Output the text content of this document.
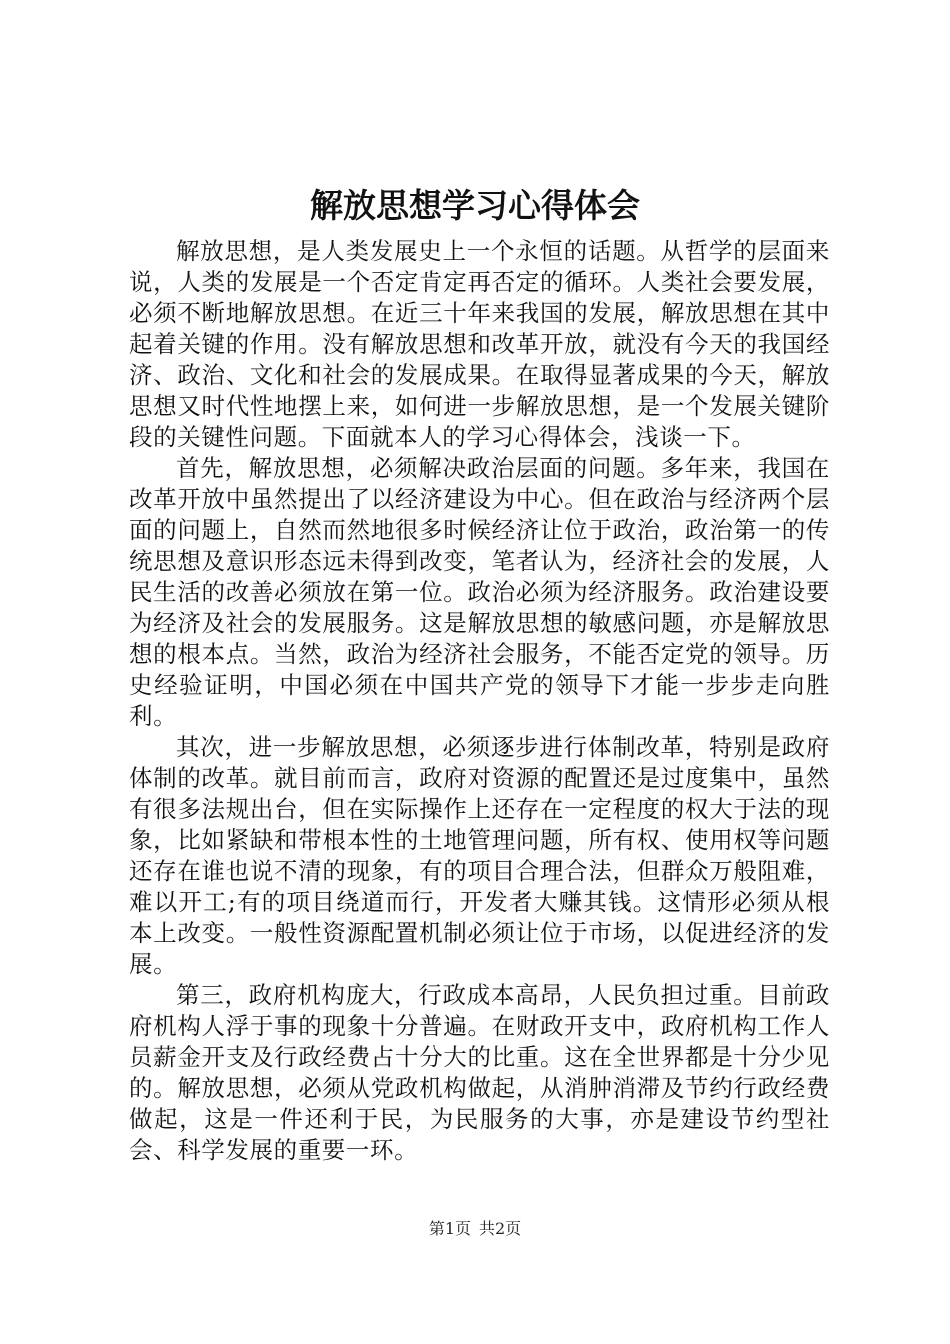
解放思想学习心得体会

解放思想，是人类发展史上一个永恒的话题。从哲学的层面来说，人类的发展是一个否定肯定再否定的循环。人类社会要发展，必须不断地解放思想。在近三十年来我国的发展，解放思想在其中起着关键的作用。没有解放思想和改革开放，就没有今天的我国经济、政治、文化和社会的发展成果。在取得显著成果的今天，解放思想又时代性地摆上来，如何进一步解放思想，是一个发展关键阶段的关键性问题。下面就本人的学习心得体会，浅谈一下。

首先，解放思想，必须解决政治层面的问题。多年来，我国在改革开放中虽然提出了以经济建设为中心。但在政治与经济两个层面的问题上，自然而然地很多时候经济让位于政治，政治第一的传统思想及意识形态远未得到改变，笔者认为，经济社会的发展，人民生活的改善必须放在第一位。政治必须为经济服务。政治建设要为经济及社会的发展服务。这是解放思想的敏感问题，亦是解放思想的根本点。当然，政治为经济社会服务，不能否定党的领导。历史经验证明，中国必须在中国共产党的领导下才能一步步走向胜利。

其次，进一步解放思想，必须逐步进行体制改革，特别是政府体制的改革。就目前而言，政府对资源的配置还是过度集中，虽然有很多法规出台，但在实际操作上还存在一定程度的权大于法的现象，比如紧缺和带根本性的土地管理问题，所有权、使用权等问题还存在谁也说不清的现象，有的项目合理合法，但群众万般阻难，难以开工;有的项目绕道而行，开发者大赚其钱。这情形必须从根本上改变。一般性资源配置机制必须让位于市场，以促进经济的发展。

第三，政府机构庞大，行政成本高昂，人民负担过重。目前政府机构人浮于事的现象十分普遍。在财政开支中，政府机构工作人员薪金开支及行政经费占十分大的比重。这在全世界都是十分少见的。解放思想，必须从党政机构做起，从消肿消滞及节约行政经费做起，这是一件还利于民，为民服务的大事，亦是建设节约型社会、科学发展的重要一环。

第1页 共2页
